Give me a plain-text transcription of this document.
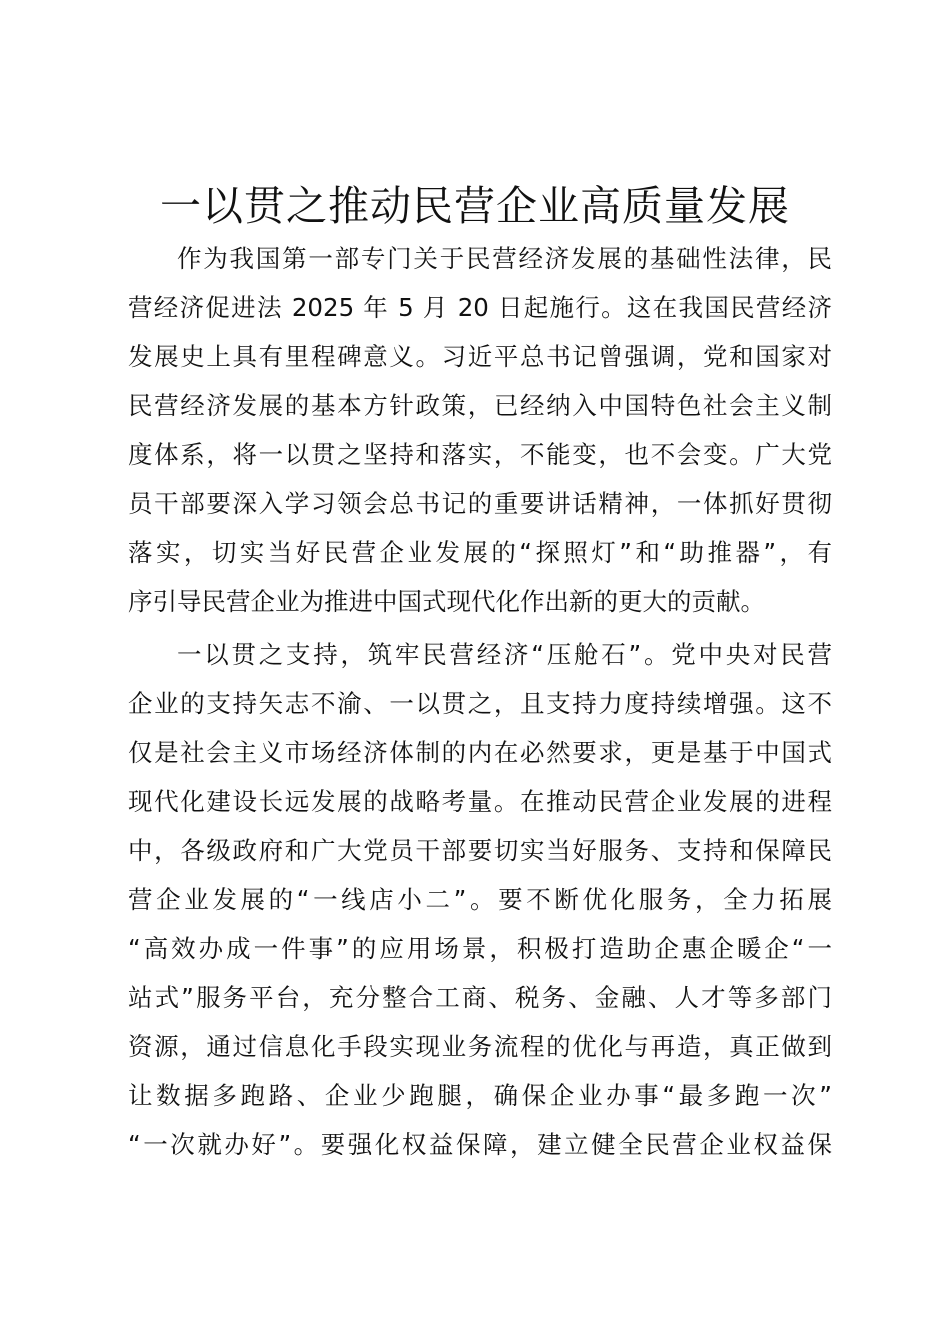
一以贯之推动民营企业高质量发展
作为我国第一部专门关于民营经济发展的基础性法律，民
营经济促进法 2025 年 5 月 20 日起施行。这在我国民营经济
发展史上具有里程碑意义。习近平总书记曾强调，党和国家对
民营经济发展的基本方针政策，已经纳入中国特色社会主义制
度体系，将一以贯之坚持和落实，不能变，也不会变。广大党
员干部要深入学习领会总书记的重要讲话精神，一体抓好贯彻
落实，切实当好民营企业发展的“探照灯”和“助推器”，有
序引导民营企业为推进中国式现代化作出新的更大的贡献。
一以贯之支持，筑牢民营经济“压舱石”。党中央对民营
企业的支持矢志不渝、一以贯之，且支持力度持续增强。这不
仅是社会主义市场经济体制的内在必然要求，更是基于中国式
现代化建设长远发展的战略考量。在推动民营企业发展的进程
中，各级政府和广大党员干部要切实当好服务、支持和保障民
营企业发展的“一线店小二”。要不断优化服务，全力拓展
“高效办成一件事”的应用场景，积极打造助企惠企暖企“一
站式”服务平台，充分整合工商、税务、金融、人才等多部门
资源，通过信息化手段实现业务流程的优化与再造，真正做到
让数据多跑路、企业少跑腿，确保企业办事“最多跑一次”
“一次就办好”。要强化权益保障，建立健全民营企业权益保
